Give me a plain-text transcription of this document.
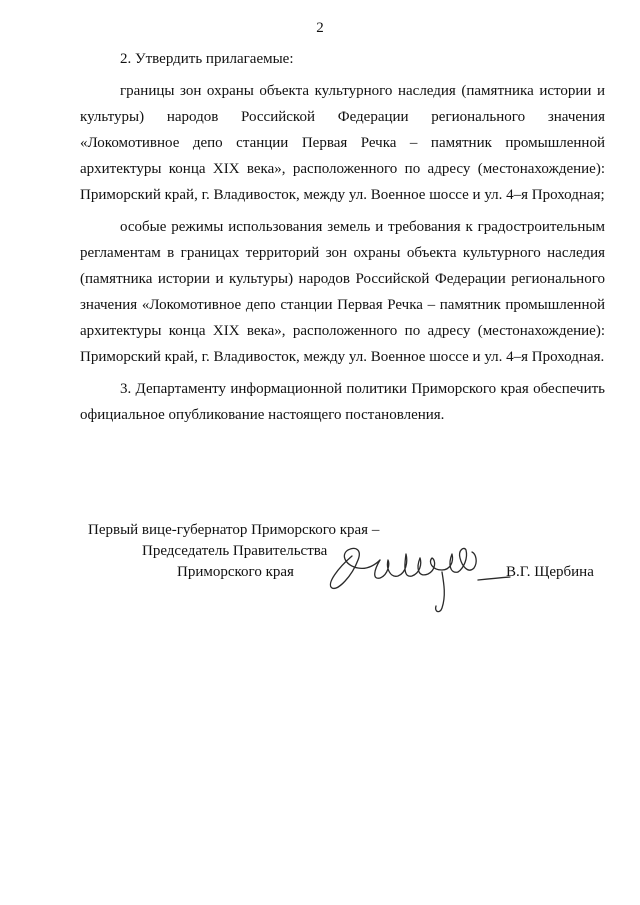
2

2. Утвердить прилагаемые:

границы зон охраны объекта культурного наследия (памятника истории и культуры) народов Российской Федерации регионального значения «Локомотивное депо станции Первая Речка – памятник промышленной архитектуры конца XIX века», расположенного по адресу (местонахождение): Приморский край, г. Владивосток, между ул. Военное шоссе и ул. 4–я Проходная;

особые режимы использования земель и требования к градостроительным регламентам в границах территорий зон охраны объекта культурного наследия (памятника истории и культуры) народов Российской Федерации регионального значения «Локомотивное депо станции Первая Речка – памятник промышленной архитектуры конца XIX века», расположенного по адресу (местонахождение): Приморский край, г. Владивосток, между ул. Военное шоссе и ул. 4–я Проходная.

3. Департаменту информационной политики Приморского края обеспечить официальное опубликование настоящего постановления.

Первый вице-губернатор Приморского края –
Председатель Правительства
Приморского края	В.Г. Щербина
